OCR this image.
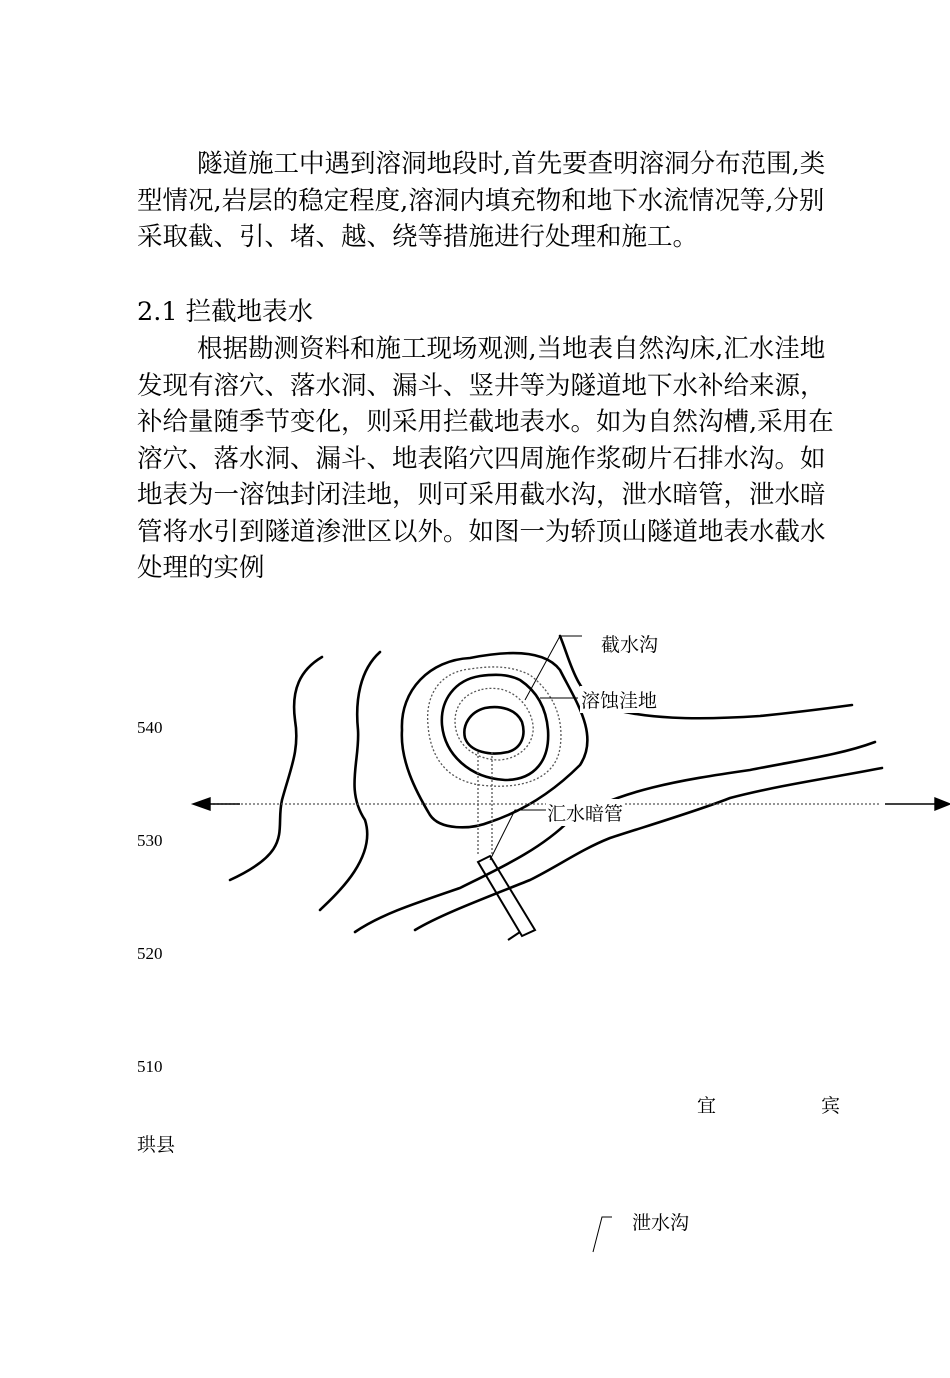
隧道施工中遇到溶洞地段时,首先要查明溶洞分布范围,类型情况,岩层的稳定程度,溶洞内填充物和地下水流情况等,分别采取截、引、堵、越、绕等措施进行处理和施工。
2.1 拦截地表水
根据勘测资料和施工现场观测,当地表自然沟床,汇水洼地发现有溶穴、落水洞、漏斗、竖井等为隧道地下水补给来源，补给量随季节变化，则采用拦截地表水。如为自然沟槽,采用在溶穴、落水洞、漏斗、地表陷穴四周施作浆砌片石排水沟。如地表为一溶蚀封闭洼地，则可采用截水沟，泄水暗管，泄水暗管将水引到隧道渗泄区以外。如图一为轿顶山隧道地表水截水处理的实例
截水沟
溶蚀洼地
汇水暗管
泄水沟
540
530
520
510
宜	宾
珙县
